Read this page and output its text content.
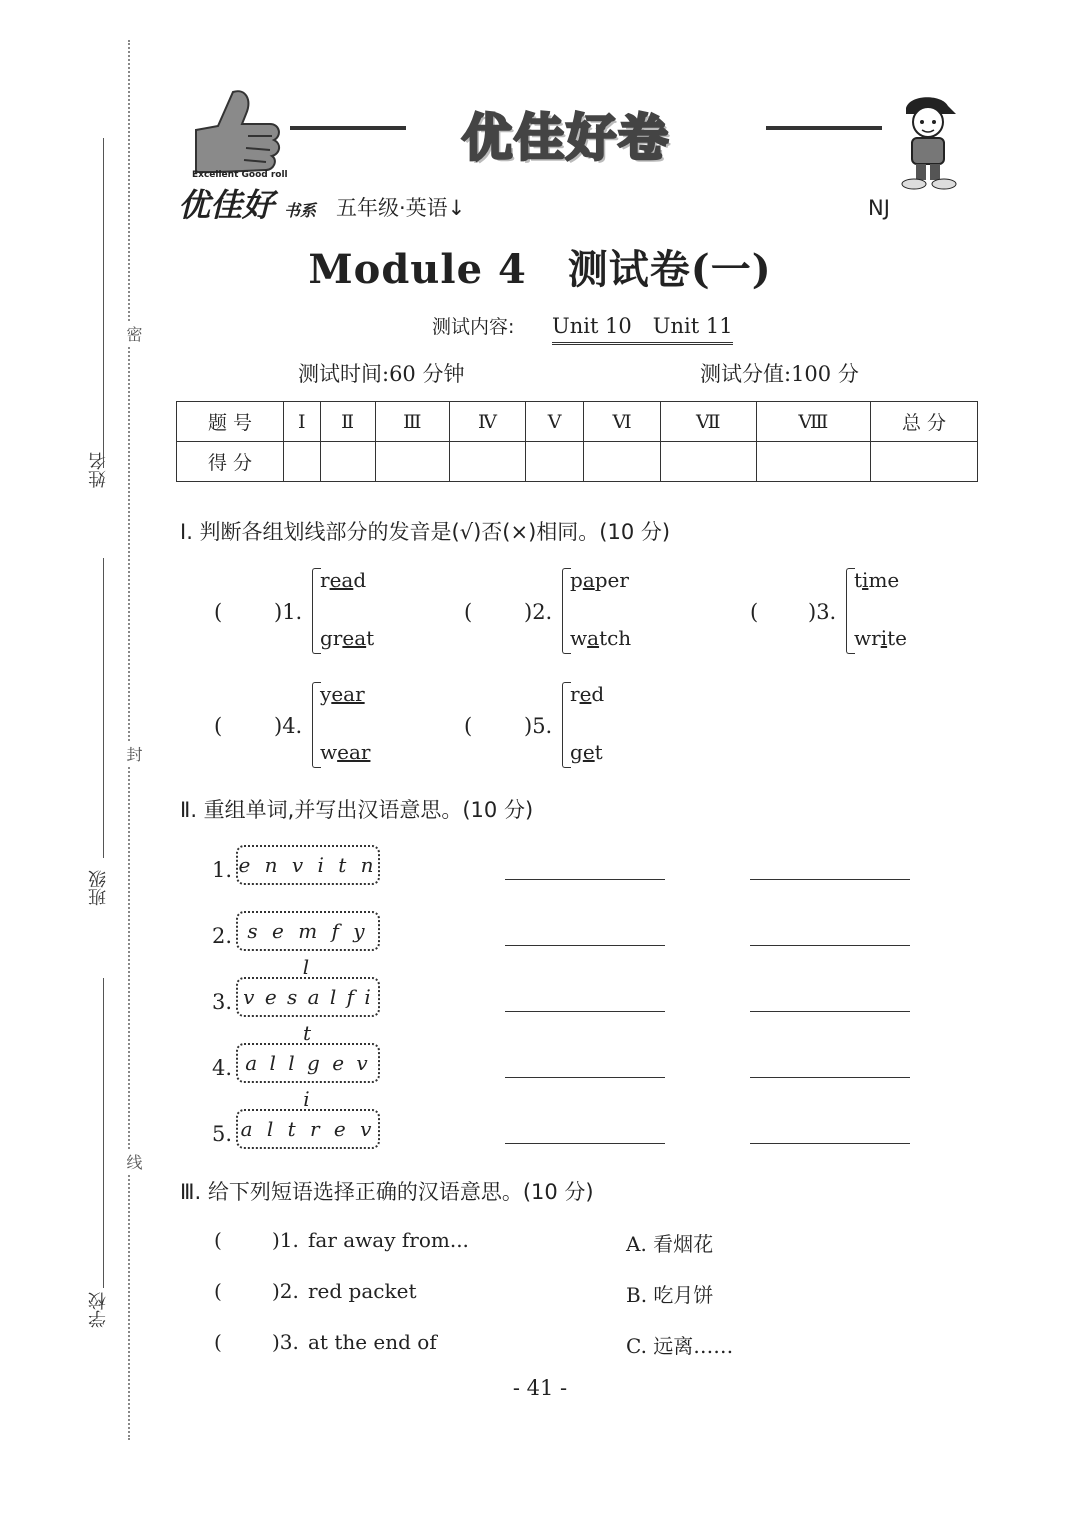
姓名
班级
学校
密
封
线
Excellent Good roll
优佳好 书系 五年级·英语↓
优佳好卷
NJ
Module 4　测试卷(一)
测试内容: Unit 10　Unit 11
测试时间:60 分钟	测试分值:100 分
题 号	Ⅰ	Ⅱ	Ⅲ	Ⅳ	Ⅴ	Ⅵ	Ⅶ	Ⅷ	总 分
得 分									
Ⅰ. 判断各组划线部分的发音是(√)否(×)相同。(10 分)
( )1.
read
great
( )2.
paper
watch
( )3.
time
write
( )4.
year
wear
( )5.
red
get
Ⅱ. 重组单词,并写出汉语意思。(10 分)
1. e n v i t n
2. s e m f y l
3. v e s a l f i t
4. a l l g e v i
5. a l t r e v
Ⅲ. 给下列短语选择正确的汉语意思。(10 分)
(	)1. far away from...	A. 看烟花
(	)2. red packet	B. 吃月饼
(	)3. at the end of	C. 远离……
- 41 -
